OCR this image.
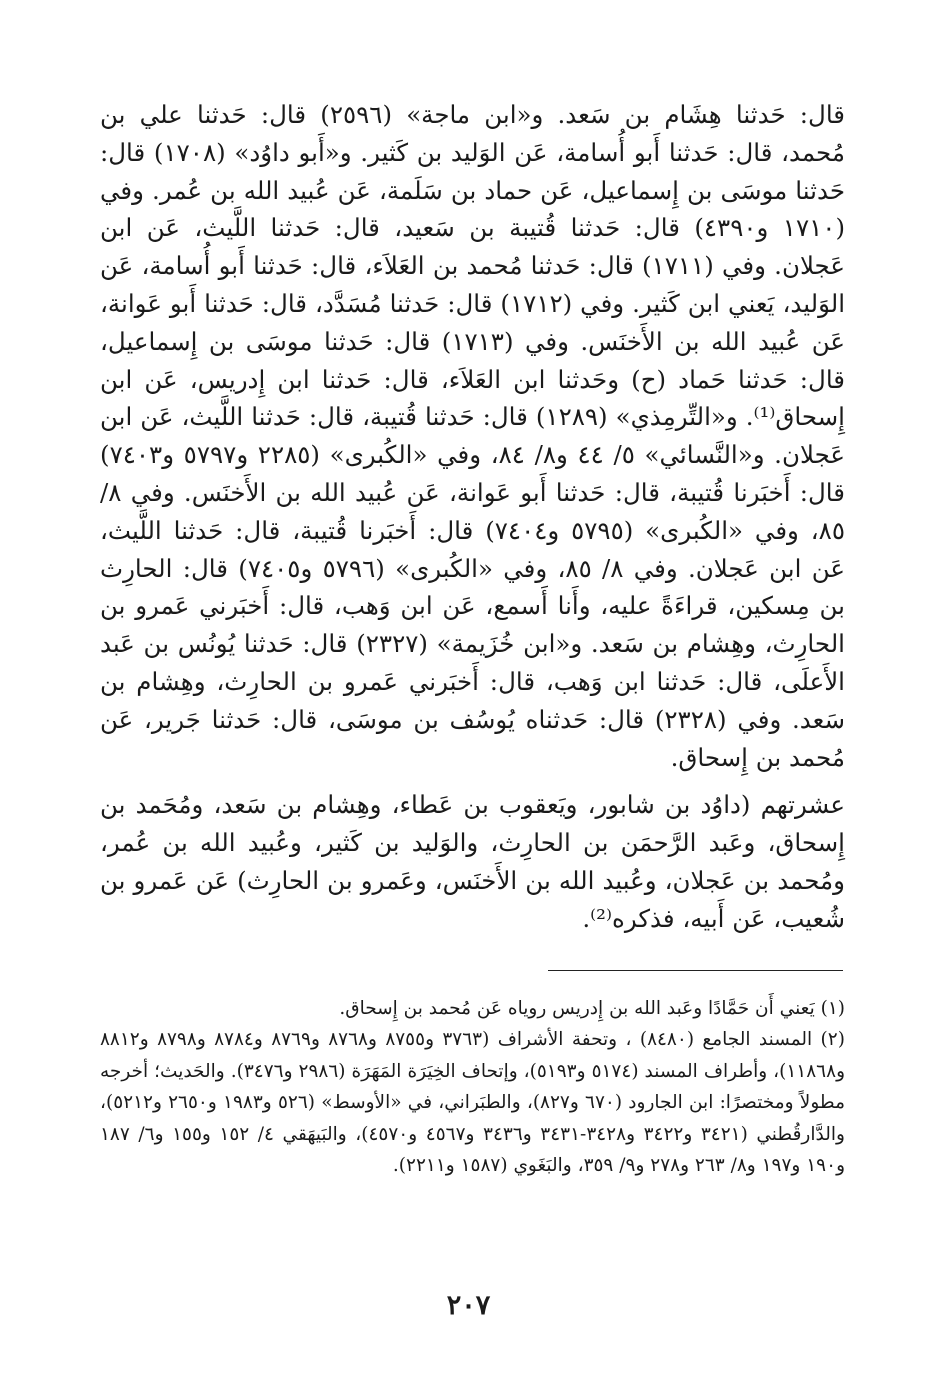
قال: حَدثنا هِشَام بن سَعد. و«ابن ماجة» (٢٥٩٦) قال: حَدثنا علي بن مُحمد، قال: حَدثنا أَبو أُسامة، عَن الوَليد بن كَثير. و«أَبو داوُد» (١٧٠٨) قال: حَدثنا موسَى بن إِسماعيل، عَن حماد بن سَلَمة، عَن عُبيد الله بن عُمر. وفي (١٧١٠ و٤٣٩٠) قال: حَدثنا قُتيبة بن سَعيد، قال: حَدثنا اللَّيث، عَن ابن عَجلان. وفي (١٧١١) قال: حَدثنا مُحمد بن العَلاَء، قال: حَدثنا أَبو أُسامة، عَن الوَليد، يَعني ابن كَثير. وفي (١٧١٢) قال: حَدثنا مُسَدَّد، قال: حَدثنا أَبو عَوانة، عَن عُبيد الله بن الأَخنَس. وفي (١٧١٣) قال: حَدثنا موسَى بن إِسماعيل، قال: حَدثنا حَماد (ح) وحَدثنا ابن العَلاَء، قال: حَدثنا ابن إِدريس، عَن ابن إِسحاق⁽¹⁾. و«التِّرمِذي» (١٢٨٩) قال: حَدثنا قُتيبة، قال: حَدثنا اللَّيث، عَن ابن عَجلان. و«النَّسائي» ٥/ ٤٤ و٨/ ٨٤، وفي «الكُبرى» (٢٢٨٥ و٥٧٩٧ و٧٤٠٣) قال: أَخبَرنا قُتيبة، قال: حَدثنا أَبو عَوانة، عَن عُبيد الله بن الأَخنَس. وفي ٨/ ٨٥، وفي «الكُبرى» (٥٧٩٥ و٧٤٠٤) قال: أَخبَرنا قُتيبة، قال: حَدثنا اللَّيث، عَن ابن عَجلان. وفي ٨/ ٨٥، وفي «الكُبرى» (٥٧٩٦ و٧٤٠٥) قال: الحارِث بن مِسكين، قراءَةً عليه، وأَنا أَسمع، عَن ابن وَهب، قال: أَخبَرني عَمرو بن الحارِث، وهِشام بن سَعد. و«ابن خُزَيمة» (٢٣٢٧) قال: حَدثنا يُونُس بن عَبد الأَعلَى، قال: حَدثنا ابن وَهب، قال: أَخبَرني عَمرو بن الحارِث، وهِشام بن سَعد. وفي (٢٣٢٨) قال: حَدثناه يُوسُف بن موسَى، قال: حَدثنا جَرير، عَن مُحمد بن إِسحاق.

عشرتهم (داوُد بن شابور، ويَعقوب بن عَطاء، وهِشام بن سَعد، ومُحَمد بن إِسحاق، وعَبد الرَّحمَن بن الحارِث، والوَليد بن كَثير، وعُبيد الله بن عُمر، ومُحمد بن عَجلان، وعُبيد الله بن الأَخنَس، وعَمرو بن الحارِث) عَن عَمرو بن شُعيب، عَن أَبيه، فذكره⁽²⁾.

(١) يَعني أَن حَمَّادًا وعَبد الله بن إِدريس روياه عَن مُحمد بن إِسحاق.

(٢) المسند الجامع (٨٤٨٠) ، وتحفة الأشراف (٣٧٦٣ و٨٧٥٥ و٨٧٦٨ و٨٧٦٩ و٨٧٨٤ و٨٧٩٨ و٨٨١٢ و١١٨٦٨)، وأطراف المسند (٥١٧٤ و٥١٩٣)، وإتحاف الخِيَرَة المَهَرَة (٢٩٨٦ و٣٤٧٦). والحَديث؛ أخرجه مطولاً ومختصرًا: ابن الجارود (٦٧٠ و٨٢٧)، والطبَراني، في «الأوسط» (٥٢٦ و١٩٨٣ و٢٦٥٠ و٥٢١٢)، والدَّارقُطني (٣٤٢١ و٣٤٢٢ و٣٤٢٨-٣٤٣١ و٣٤٣٦ و٤٥٦٧ و٤٥٧٠)، والبَيهَقي ٤/ ١٥٢ و١٥٥ و٦/ ١٨٧ و١٩٠ و١٩٧ و٨/ ٢٦٣ و٢٧٨ و٩/ ٣٥٩، والبَغَوي (١٥٨٧ و٢٢١١).

٢٠٧
